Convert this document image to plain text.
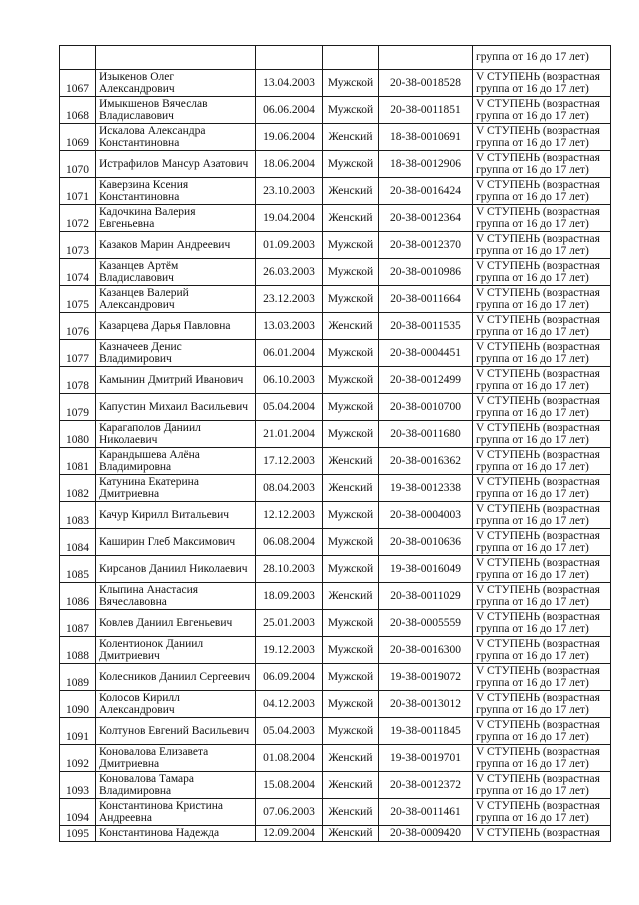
					группа от 16 до 17 лет)
1067	Изыкенов Олег Александрович	13.04.2003	Мужской	20-38-0018528	V СТУПЕНЬ (возрастная группа от 16 до 17 лет)
1068	Имыкшенов Вячеслав Владиславович	06.06.2004	Мужской	20-38-0011851	V СТУПЕНЬ (возрастная группа от 16 до 17 лет)
1069	Искалова Александра Константиновна	19.06.2004	Женский	18-38-0010691	V СТУПЕНЬ (возрастная группа от 16 до 17 лет)
1070	Истрафилов Мансур Азатович	18.06.2004	Мужской	18-38-0012906	V СТУПЕНЬ (возрастная группа от 16 до 17 лет)
1071	Каверзина Ксения Константиновна	23.10.2003	Женский	20-38-0016424	V СТУПЕНЬ (возрастная группа от 16 до 17 лет)
1072	Кадочкина Валерия Евгеньевна	19.04.2004	Женский	20-38-0012364	V СТУПЕНЬ (возрастная группа от 16 до 17 лет)
1073	Казаков Марин Андреевич	01.09.2003	Мужской	20-38-0012370	V СТУПЕНЬ (возрастная группа от 16 до 17 лет)
1074	Казанцев Артём Владиславович	26.03.2003	Мужской	20-38-0010986	V СТУПЕНЬ (возрастная группа от 16 до 17 лет)
1075	Казанцев Валерий Александрович	23.12.2003	Мужской	20-38-0011664	V СТУПЕНЬ (возрастная группа от 16 до 17 лет)
1076	Казарцева Дарья Павловна	13.03.2003	Женский	20-38-0011535	V СТУПЕНЬ (возрастная группа от 16 до 17 лет)
1077	Казначеев Денис Владимирович	06.01.2004	Мужской	20-38-0004451	V СТУПЕНЬ (возрастная группа от 16 до 17 лет)
1078	Камынин Дмитрий Иванович	06.10.2003	Мужской	20-38-0012499	V СТУПЕНЬ (возрастная группа от 16 до 17 лет)
1079	Капустин Михаил Васильевич	05.04.2004	Мужской	20-38-0010700	V СТУПЕНЬ (возрастная группа от 16 до 17 лет)
1080	Карагаполов Даниил Николаевич	21.01.2004	Мужской	20-38-0011680	V СТУПЕНЬ (возрастная группа от 16 до 17 лет)
1081	Карандышева Алёна Владимировна	17.12.2003	Женский	20-38-0016362	V СТУПЕНЬ (возрастная группа от 16 до 17 лет)
1082	Катунина Екатерина Дмитриевна	08.04.2003	Женский	19-38-0012338	V СТУПЕНЬ (возрастная группа от 16 до 17 лет)
1083	Качур Кирилл Витальевич	12.12.2003	Мужской	20-38-0004003	V СТУПЕНЬ (возрастная группа от 16 до 17 лет)
1084	Каширин Глеб Максимович	06.08.2004	Мужской	20-38-0010636	V СТУПЕНЬ (возрастная группа от 16 до 17 лет)
1085	Кирсанов Даниил Николаевич	28.10.2003	Мужской	19-38-0016049	V СТУПЕНЬ (возрастная группа от 16 до 17 лет)
1086	Клыпина Анастасия Вячеславовна	18.09.2003	Женский	20-38-0011029	V СТУПЕНЬ (возрастная группа от 16 до 17 лет)
1087	Ковлев Даниил Евгеньевич	25.01.2003	Мужской	20-38-0005559	V СТУПЕНЬ (возрастная группа от 16 до 17 лет)
1088	Колентионок Даниил Дмитриевич	19.12.2003	Мужской	20-38-0016300	V СТУПЕНЬ (возрастная группа от 16 до 17 лет)
1089	Колесников Даниил Сергеевич	06.09.2004	Мужской	19-38-0019072	V СТУПЕНЬ (возрастная группа от 16 до 17 лет)
1090	Колосов Кирилл Александрович	04.12.2003	Мужской	20-38-0013012	V СТУПЕНЬ (возрастная группа от 16 до 17 лет)
1091	Колтунов Евгений Васильевич	05.04.2003	Мужской	19-38-0011845	V СТУПЕНЬ (возрастная группа от 16 до 17 лет)
1092	Коновалова Елизавета Дмитриевна	01.08.2004	Женский	19-38-0019701	V СТУПЕНЬ (возрастная группа от 16 до 17 лет)
1093	Коновалова Тамара Владимировна	15.08.2004	Женский	20-38-0012372	V СТУПЕНЬ (возрастная группа от 16 до 17 лет)
1094	Константинова Кристина Андреевна	07.06.2003	Женский	20-38-0011461	V СТУПЕНЬ (возрастная группа от 16 до 17 лет)
1095	Константинова Надежда	12.09.2004	Женский	20-38-0009420	V СТУПЕНЬ (возрастная
